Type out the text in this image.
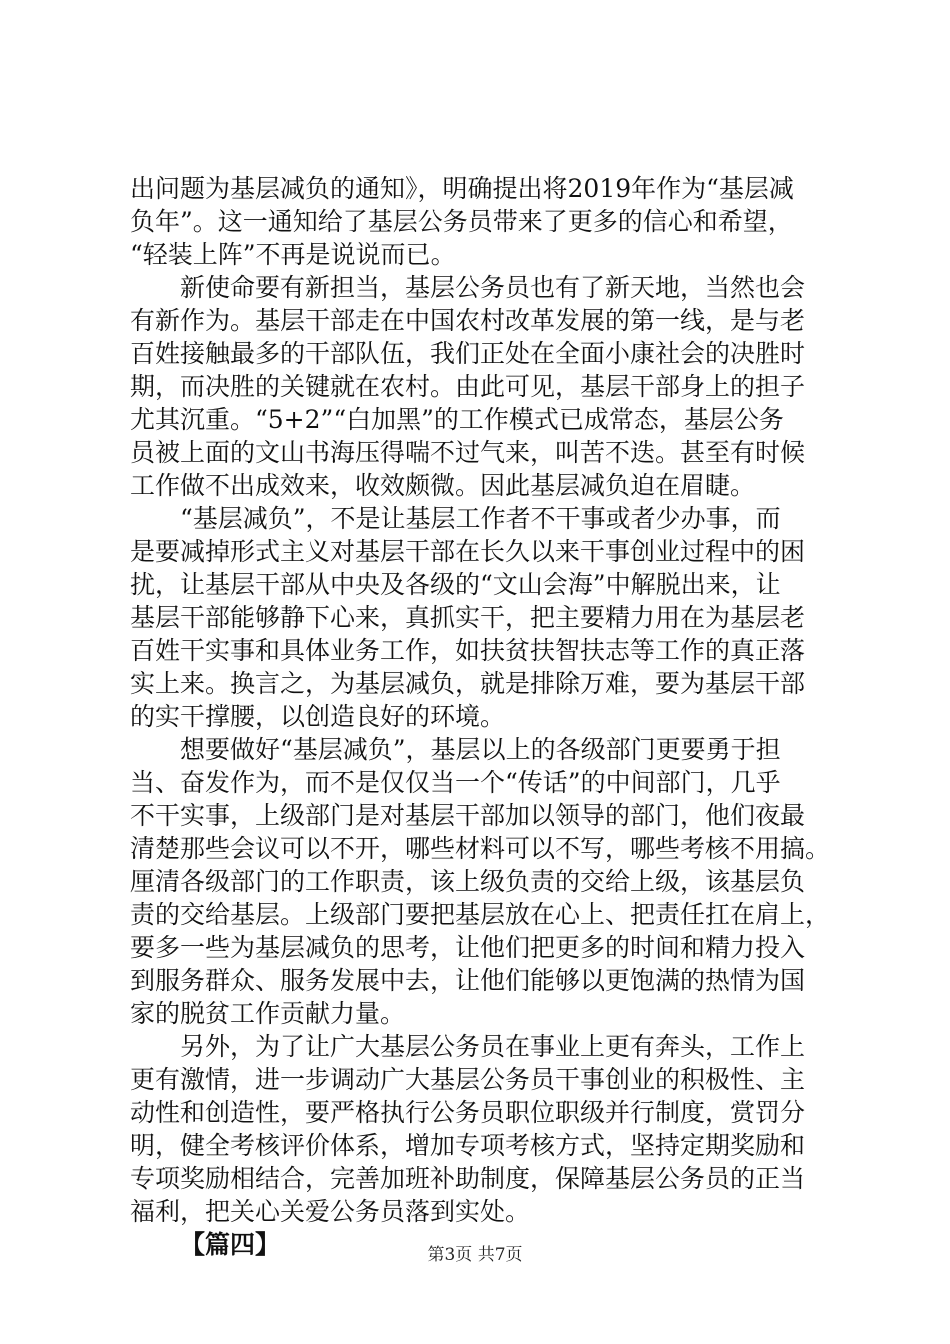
出问题为基层减负的通知》，明确提出将2019年作为“基层减
负年”。这一通知给了基层公务员带来了更多的信心和希望，
“轻装上阵”不再是说说而已。
新使命要有新担当，基层公务员也有了新天地，当然也会
有新作为。基层干部走在中国农村改革发展的第一线，是与老
百姓接触最多的干部队伍，我们正处在全面小康社会的决胜时
期，而决胜的关键就在农村。由此可见，基层干部身上的担子
尤其沉重。“5+2”“白加黑”的工作模式已成常态，基层公务
员被上面的文山书海压得喘不过气来，叫苦不迭。甚至有时候
工作做不出成效来，收效颇微。因此基层减负迫在眉睫。
“基层减负”，不是让基层工作者不干事或者少办事，而
是要减掉形式主义对基层干部在长久以来干事创业过程中的困
扰，让基层干部从中央及各级的“文山会海”中解脱出来，让
基层干部能够静下心来，真抓实干，把主要精力用在为基层老
百姓干实事和具体业务工作，如扶贫扶智扶志等工作的真正落
实上来。换言之，为基层减负，就是排除万难，要为基层干部
的实干撑腰，以创造良好的环境。
想要做好“基层减负”，基层以上的各级部门更要勇于担
当、奋发作为，而不是仅仅当一个“传话”的中间部门，几乎
不干实事，上级部门是对基层干部加以领导的部门，他们夜最
清楚那些会议可以不开，哪些材料可以不写，哪些考核不用搞。
厘清各级部门的工作职责，该上级负责的交给上级，该基层负
责的交给基层。上级部门要把基层放在心上、把责任扛在肩上，
要多一些为基层减负的思考，让他们把更多的时间和精力投入
到服务群众、服务发展中去，让他们能够以更饱满的热情为国
家的脱贫工作贡献力量。
另外，为了让广大基层公务员在事业上更有奔头，工作上
更有激情，进一步调动广大基层公务员干事创业的积极性、主
动性和创造性，要严格执行公务员职位职级并行制度，赏罚分
明，健全考核评价体系，增加专项考核方式，坚持定期奖励和
专项奖励相结合，完善加班补助制度，保障基层公务员的正当
福利，把关心关爱公务员落到实处。
【篇四】	第3页 共7页
